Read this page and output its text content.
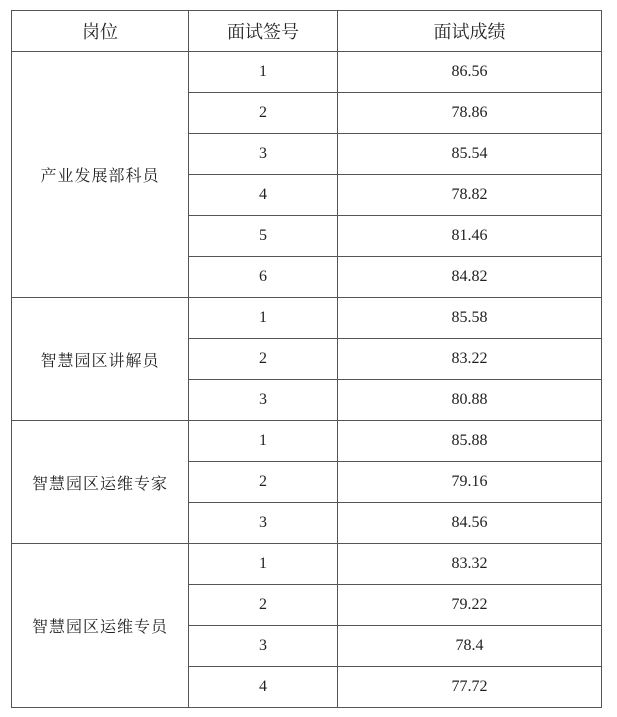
岗位	面试签号	面试成绩
产业发展部科员	1	86.56
	2	78.86
	3	85.54
	4	78.82
	5	81.46
	6	84.82
智慧园区讲解员	1	85.58
	2	83.22
	3	80.88
智慧园区运维专家	1	85.88
	2	79.16
	3	84.56
智慧园区运维专员	1	83.32
	2	79.22
	3	78.4
	4	77.72
